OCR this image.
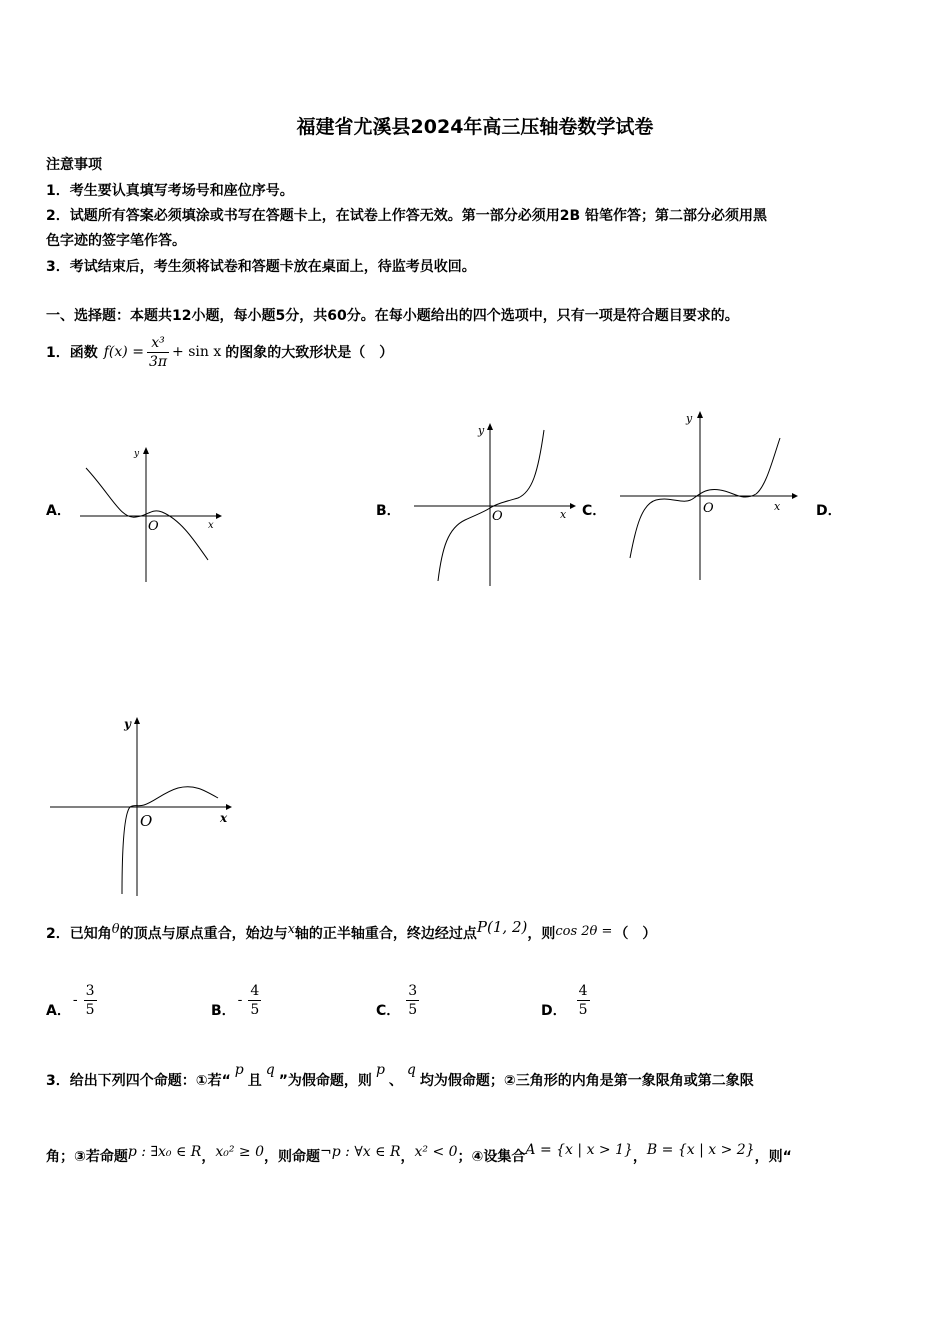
福建省尤溪县2024年高三压轴卷数学试卷
注意事项
1．考生要认真填写考场号和座位序号。
2．试题所有答案必须填涂或书写在答题卡上，在试卷上作答无效。第一部分必须用2B 铅笔作答；第二部分必须用黑
色字迹的签字笔作答。
3．考试结束后，考生须将试卷和答题卡放在桌面上，待监考员收回。
一、选择题：本题共12小题，每小题5分，共60分。在每小题给出的四个选项中，只有一项是符合题目要求的。
1．函数 $f(x) = \frac{\text{x³}}{3\pi} + \sin x$ 的图象的大致形状是（　）
A．	B．	C．	D．
y
x
O
y
x
O
y
x
O
y
x
O
2．已知角 θ 的顶点与原点重合，始边与 x 轴的正半轴重合，终边经过点 P(1, 2) ，则 cos 2θ = （　）
A．
- $\frac{3}{5}$	B．
- $\frac{4}{5}$	C． $\frac{3}{5}$	D． $\frac{4}{5}$
3．给出下列四个命题：①若“
p
且
q
”为假命题，则
p
、
q
均为假命题；②三角形的内角是第一象限角或第二象限
角；③若命题 p : ∃x₀ ∈ R ， x₀² ≥ 0 ，则命题 ¬p : ∀x ∈ R ， x² < 0 ；④设集合 A = {x | x > 1} ， B = {x | x > 2} ，则“
